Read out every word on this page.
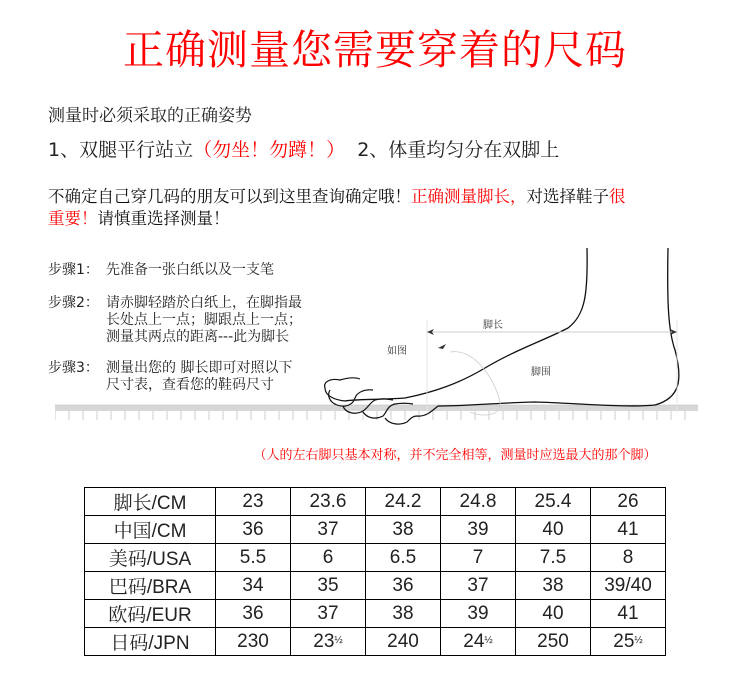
正确测量您需要穿着的尺码
测量时必须采取的正确姿势
1、双腿平行站立（勿坐！勿蹲！） 2、体重均匀分在双脚上
不确定自己穿几码的朋友可以到这里查询确定哦！正确测量脚长，对选择鞋子很重要！请慎重选择测量！
脚长
如图
脚围
步骤1： 先准备一张白纸以及一支笔
步骤2： 请赤脚轻踏於白纸上，在脚指最
长处点上一点；脚跟点上一点；
测量其两点的距离---此为脚长
步骤3： 测量出您的 脚长即可对照以下
尺寸表，查看您的鞋码尺寸
（人的左右脚只基本对称，并不完全相等，测量时应选最大的那个脚）
脚长/CM	23	23.6	24.2	24.8	25.4	26
中国/CM	36	37	38	39	40	41
美码/USA	5.5	6	6.5	7	7.5	8
巴码/BRA	34	35	36	37	38	39/40
欧码/EUR	36	37	38	39	40	41
日码/JPN	230	$23^{\frac{1}{2}}$	240	$24^{\frac{1}{2}}$	250	$25^{\frac{1}{2}}$
